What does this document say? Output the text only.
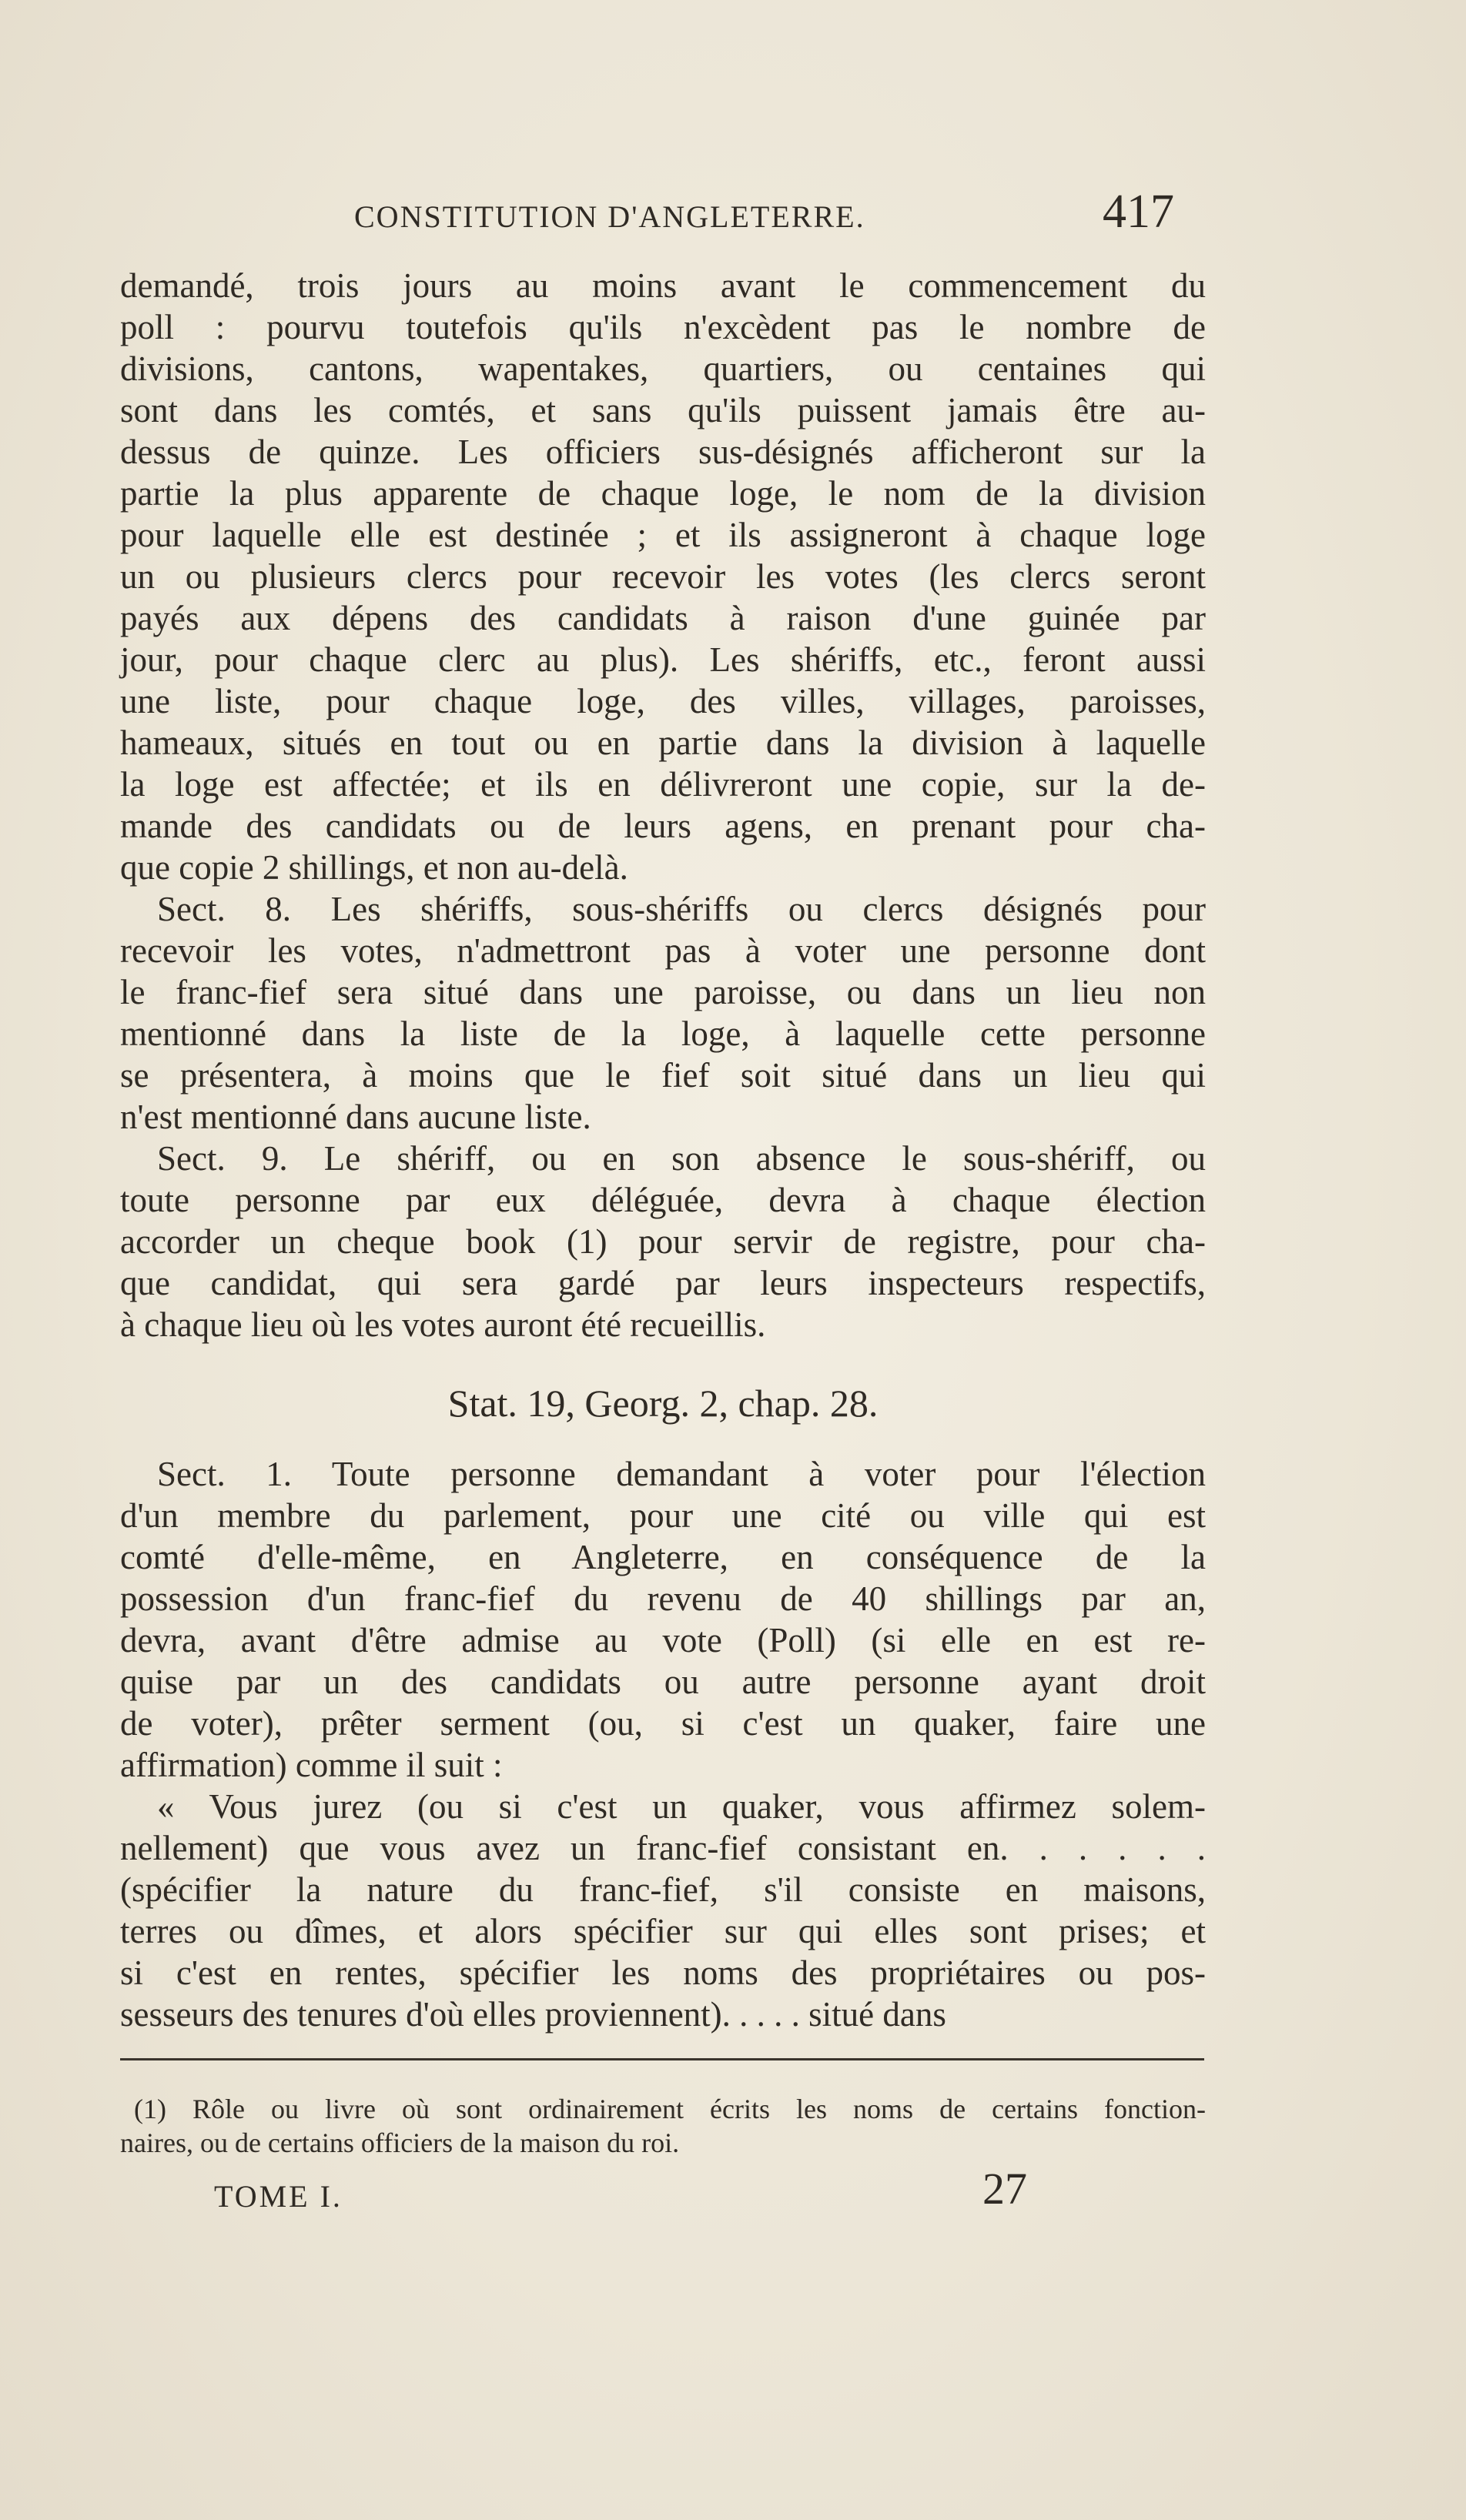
CONSTITUTION D'ANGLETERRE.	417
demandé, trois jours au moins avant le commencement du
poll : pourvu toutefois qu'ils n'excèdent pas le nombre de
divisions, cantons, wapentakes, quartiers, ou centaines qui
sont dans les comtés, et sans qu'ils puissent jamais être au-
dessus de quinze. Les officiers sus-désignés afficheront sur la
partie la plus apparente de chaque loge, le nom de la division
pour laquelle elle est destinée ; et ils assigneront à chaque loge
un ou plusieurs clercs pour recevoir les votes (les clercs seront
payés aux dépens des candidats à raison d'une guinée par
jour, pour chaque clerc au plus). Les shériffs, etc., feront aussi
une liste, pour chaque loge, des villes, villages, paroisses,
hameaux, situés en tout ou en partie dans la division à laquelle
la loge est affectée; et ils en délivreront une copie, sur la de-
mande des candidats ou de leurs agens, en prenant pour cha-
que copie 2 shillings, et non au-delà.
Sect. 8. Les shériffs, sous-shériffs ou clercs désignés pour
recevoir les votes, n'admettront pas à voter une personne dont
le franc-fief sera situé dans une paroisse, ou dans un lieu non
mentionné dans la liste de la loge, à laquelle cette personne
se présentera, à moins que le fief soit situé dans un lieu qui
n'est mentionné dans aucune liste.
Sect. 9. Le shériff, ou en son absence le sous-shériff, ou
toute personne par eux déléguée, devra à chaque élection
accorder un cheque book (1) pour servir de registre, pour cha-
que candidat, qui sera gardé par leurs inspecteurs respectifs,
à chaque lieu où les votes auront été recueillis.
Stat. 19, Georg. 2, chap. 28.
Sect. 1. Toute personne demandant à voter pour l'élection
d'un membre du parlement, pour une cité ou ville qui est
comté d'elle-même, en Angleterre, en conséquence de la
possession d'un franc-fief du revenu de 40 shillings par an,
devra, avant d'être admise au vote (Poll) (si elle en est re-
quise par un des candidats ou autre personne ayant droit
de voter), prêter serment (ou, si c'est un quaker, faire une
affirmation) comme il suit :
« Vous jurez (ou si c'est un quaker, vous affirmez solem-
nellement) que vous avez un franc-fief consistant en. . . . . .
(spécifier la nature du franc-fief, s'il consiste en maisons,
terres ou dîmes, et alors spécifier sur qui elles sont prises; et
si c'est en rentes, spécifier les noms des propriétaires ou pos-
sesseurs des tenures d'où elles proviennent). . . . . situé dans
(1) Rôle ou livre où sont ordinairement écrits les noms de certains fonction-
naires, ou de certains officiers de la maison du roi.
TOME I.	27
